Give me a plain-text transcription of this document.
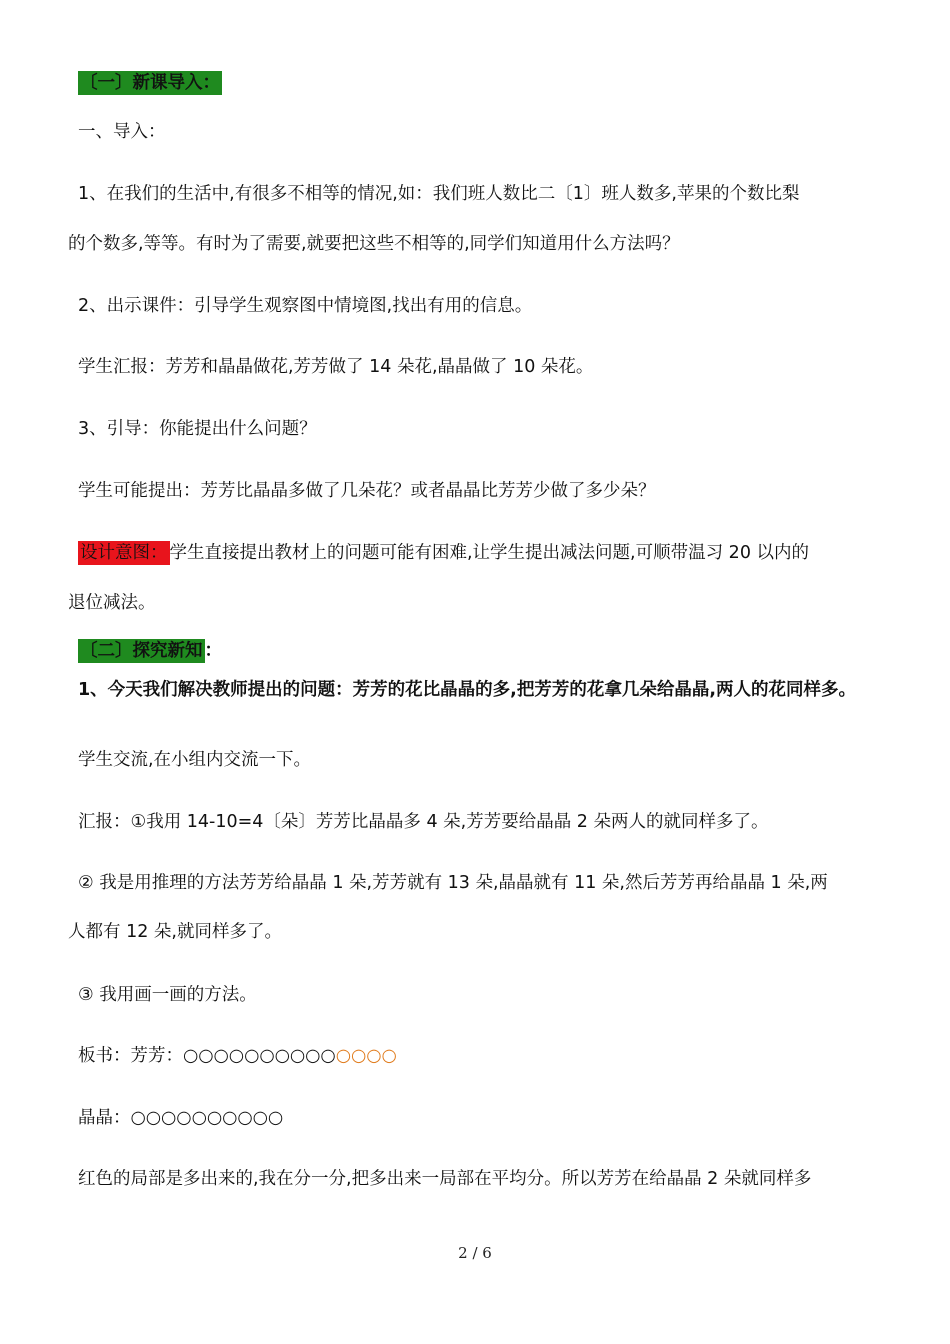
〔一〕新课导入：
一、导入：
1、在我们的生活中,有很多不相等的情况,如：我们班人数比二〔1〕班人数多,苹果的个数比梨
的个数多,等等。有时为了需要,就要把这些不相等的,同学们知道用什么方法吗？
2、出示课件：引导学生观察图中情境图,找出有用的信息。
学生汇报：芳芳和晶晶做花,芳芳做了 14 朵花,晶晶做了 10 朵花。
3、引导：你能提出什么问题？
学生可能提出：芳芳比晶晶多做了几朵花？或者晶晶比芳芳少做了多少朵？
设计意图： 学生直接提出教材上的问题可能有困难,让学生提出减法问题,可顺带温习 20 以内的
退位减法。
〔二〕探究新知 ：
1、今天我们解决教师提出的问题：芳芳的花比晶晶的多,把芳芳的花拿几朵给晶晶,两人的花同样多。
学生交流,在小组内交流一下。
汇报：①我用 14-10=4〔朵〕芳芳比晶晶多 4 朵,芳芳要给晶晶 2 朵两人的就同样多了。
② 我是用推理的方法芳芳给晶晶 1 朵,芳芳就有 13 朵,晶晶就有 11 朵,然后芳芳再给晶晶 1 朵,两
人都有 12 朵,就同样多了。
③ 我用画一画的方法。
板书：芳芳：○○○○○○○○○○○○○○
晶晶：○○○○○○○○○○
红色的局部是多出来的,我在分一分,把多出来一局部在平均分。所以芳芳在给晶晶 2 朵就同样多
2 / 6
